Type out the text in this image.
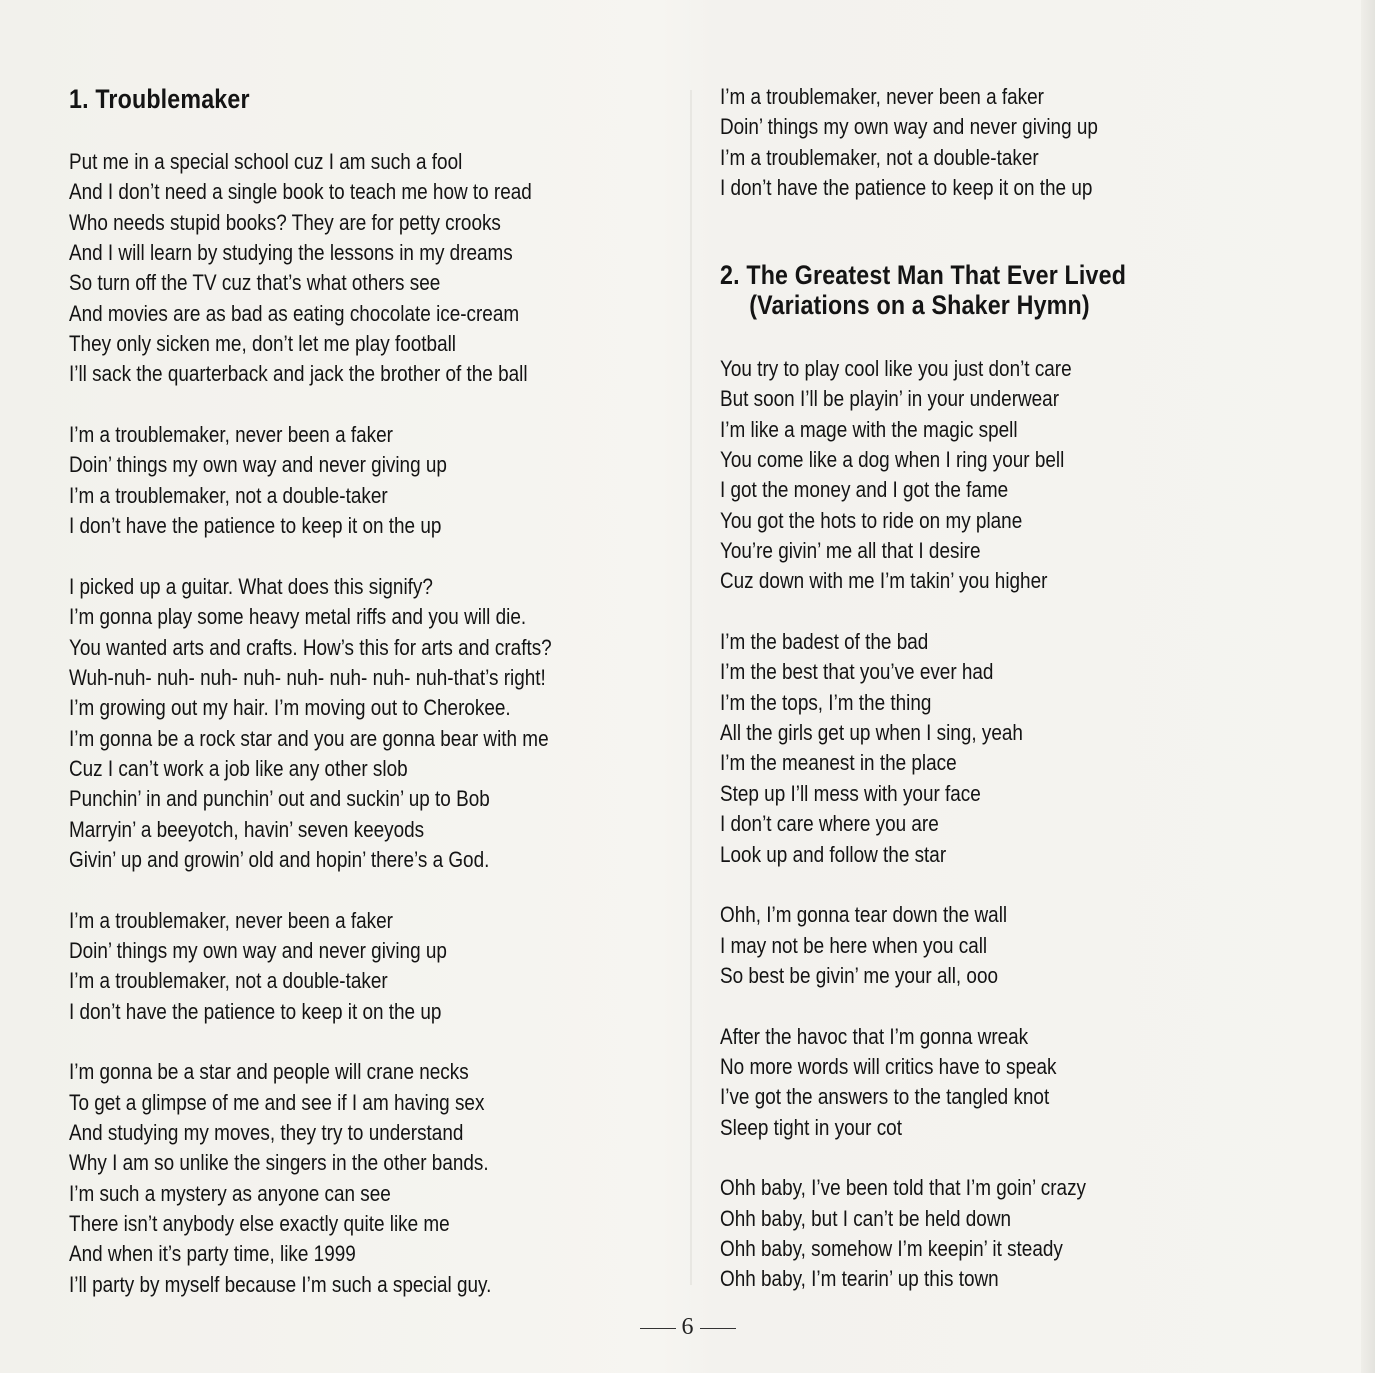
1. Troublemaker
Put me in a special school cuz I am such a fool
And I don’t need a single book to teach me how to read
Who needs stupid books? They are for petty crooks
And I will learn by studying the lessons in my dreams
So turn off the TV cuz that’s what others see
And movies are as bad as eating chocolate ice-cream
They only sicken me, don’t let me play football
I’ll sack the quarterback and jack the brother of the ball
I’m a troublemaker, never been a faker
Doin’ things my own way and never giving up
I’m a troublemaker, not a double-taker
I don’t have the patience to keep it on the up
I picked up a guitar. What does this signify?
I’m gonna play some heavy metal riffs and you will die.
You wanted arts and crafts. How’s this for arts and crafts?
Wuh-nuh- nuh- nuh- nuh- nuh- nuh- nuh- nuh-that’s right!
I’m growing out my hair. I’m moving out to Cherokee.
I’m gonna be a rock star and you are gonna bear with me
Cuz I can’t work a job like any other slob
Punchin’ in and punchin’ out and suckin’ up to Bob
Marryin’ a beeyotch, havin’ seven keeyods
Givin’ up and growin’ old and hopin’ there’s a God.
I’m a troublemaker, never been a faker
Doin’ things my own way and never giving up
I’m a troublemaker, not a double-taker
I don’t have the patience to keep it on the up
I’m gonna be a star and people will crane necks
To get a glimpse of me and see if I am having sex
And studying my moves, they try to understand
Why I am so unlike the singers in the other bands.
I’m such a mystery as anyone can see
There isn’t anybody else exactly quite like me
And when it’s party time, like 1999
I’ll party by myself because I’m such a special guy.
I’m a troublemaker, never been a faker
Doin’ things my own way and never giving up
I’m a troublemaker, not a double-taker
I don’t have the patience to keep it on the up
2. The Greatest Man That Ever Lived
(Variations on a Shaker Hymn)
You try to play cool like you just don’t care
But soon I’ll be playin’ in your underwear
I’m like a mage with the magic spell
You come like a dog when I ring your bell
I got the money and I got the fame
You got the hots to ride on my plane
You’re givin’ me all that I desire
Cuz down with me I’m takin’ you higher
I’m the badest of the bad
I’m the best that you’ve ever had
I’m the tops, I’m the thing
All the girls get up when I sing, yeah
I’m the meanest in the place
Step up I’ll mess with your face
I don’t care where you are
Look up and follow the star
Ohh, I’m gonna tear down the wall
I may not be here when you call
So best be givin’ me your all, ooo
After the havoc that I’m gonna wreak
No more words will critics have to speak
I’ve got the answers to the tangled knot
Sleep tight in your cot
Ohh baby, I’ve been told that I’m goin’ crazy
Ohh baby, but I can’t be held down
Ohh baby, somehow I’m keepin’ it steady
Ohh baby, I’m tearin’ up this town
6
